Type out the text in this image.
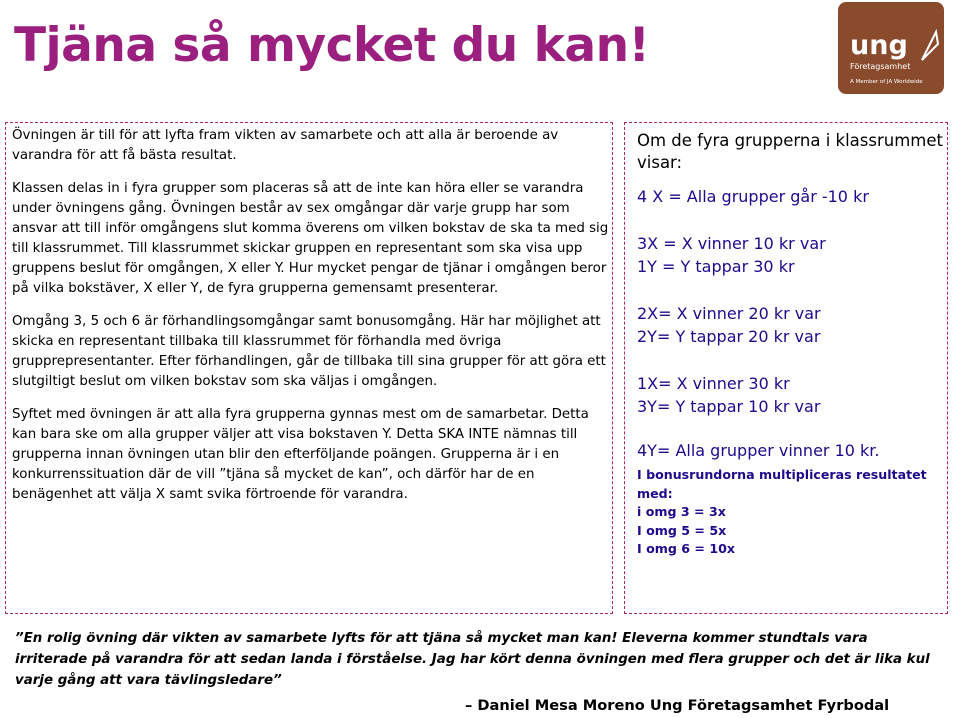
Tjäna så mycket du kan!	ung
Företagsamhet
A Member of JA Worldwide

Övningen är till för att lyfta fram vikten av samarbete och att alla är beroende av varandra för att få bästa resultat.

Klassen delas in i fyra grupper som placeras så att de inte kan höra eller se varandra under övningens gång. Övningen består av sex omgångar där varje grupp har som ansvar att till inför omgångens slut komma överens om vilken bokstav de ska ta med sig till klassrummet. Till klassrummet skickar gruppen en representant som ska visa upp gruppens beslut för omgången, X eller Y. Hur mycket pengar de tjänar i omgången beror på vilka bokstäver, X eller Y, de fyra grupperna gemensamt presenterar.

Omgång 3, 5 och 6 är förhandlingsomgångar samt bonusomgång. Här har möjlighet att skicka en representant tillbaka till klassrummet för förhandla med övriga grupprepresentanter. Efter förhandlingen, går de tillbaka till sina grupper för att göra ett slutgiltigt beslut om vilken bokstav som ska väljas i omgången.

Syftet med övningen är att alla fyra grupperna gynnas mest om de samarbetar. Detta kan bara ske om alla grupper väljer att visa bokstaven Y. Detta SKA INTE nämnas till grupperna innan övningen utan blir den efterföljande poängen. Grupperna är i en konkurrenssituation där de vill ”tjäna så mycket de kan”, och därför har de en benägenhet att välja X samt svika förtroende för varandra.

Om de fyra grupperna i klassrummet visar:
4 X = Alla grupper går -10 kr
3X = X vinner 10 kr var
1Y = Y tappar 30 kr
2X= X vinner 20 kr var
2Y= Y tappar 20 kr var
1X= X vinner 30 kr
3Y= Y tappar 10 kr var
4Y= Alla grupper vinner 10 kr.
I bonusrundorna multipliceras resultatet med:
i omg 3 = 3x
I omg 5 = 5x
I omg 6 = 10x
”En rolig övning där vikten av samarbete lyfts för att tjäna så mycket man kan! Eleverna kommer stundtals vara irriterade på varandra för att sedan landa i förståelse. Jag har kört denna övningen med flera grupper och det är lika kul varje gång att vara tävlingsledare”
– Daniel Mesa Moreno Ung Företagsamhet Fyrbodal
